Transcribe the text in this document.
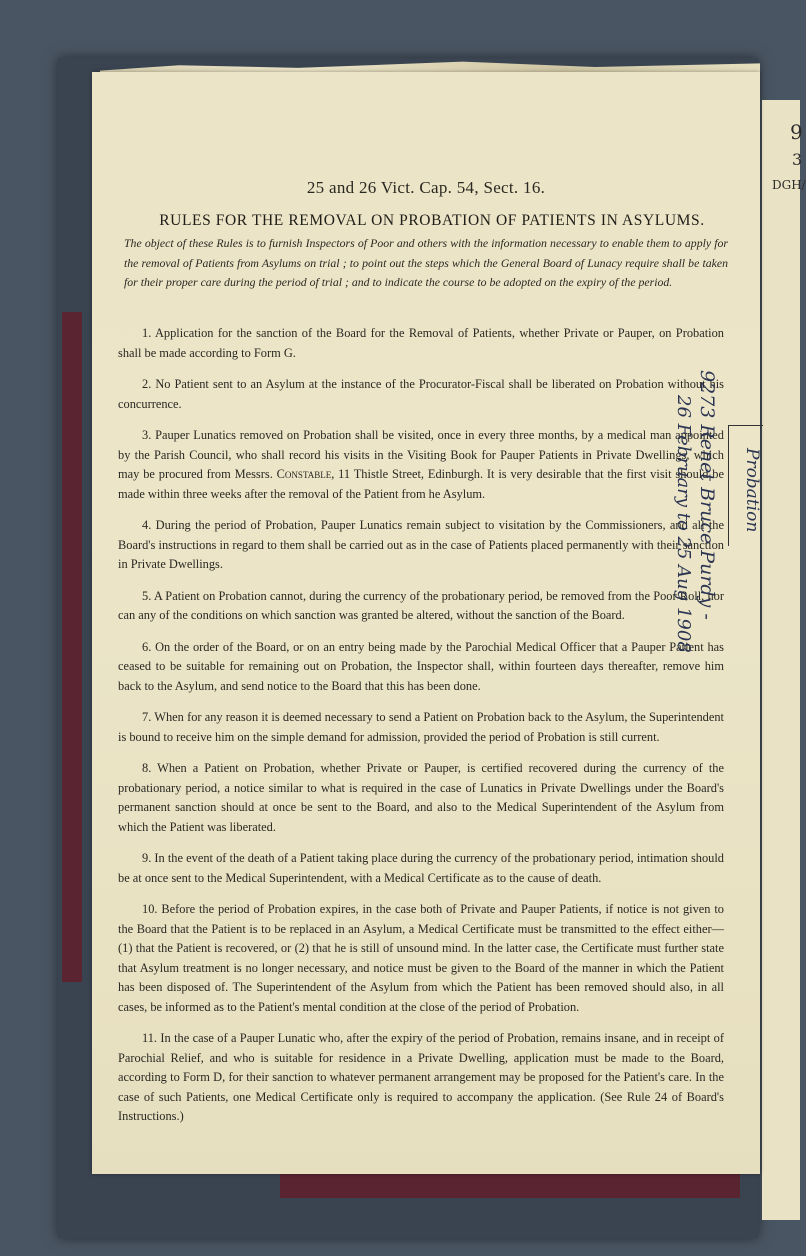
9
3
DGH/
25 and 26 Vict. Cap. 54, Sect. 16.
RULES FOR THE REMOVAL ON PROBATION OF PATIENTS IN ASYLUMS.
The object of these Rules is to furnish Inspectors of Poor and others with the information necessary to enable them to apply for the removal of Patients from Asylums on trial ; to point out the steps which the General Board of Lunacy require shall be taken for their proper care during the period of trial ; and to indicate the course to be adopted on the expiry of the period.

1. Application for the sanction of the Board for the Removal of Patients, whether Private or Pauper, on Probation shall be made according to Form G.

2. No Patient sent to an Asylum at the instance of the Procurator-Fiscal shall be liberated on Probation without his concurrence.

3. Pauper Lunatics removed on Probation shall be visited, once in every three months, by a medical man appointed by the Parish Council, who shall record his visits in the Visiting Book for Pauper Patients in Private Dwellings, which may be procured from Messrs. Constable, 11 Thistle Street, Edinburgh. It is very desirable that the first visit should be made within three weeks after the removal of the Patient from he Asylum.

4. During the period of Probation, Pauper Lunatics remain subject to visitation by the Commissioners, and all the Board's instructions in regard to them shall be carried out as in the case of Patients placed permanently with their sanction in Private Dwellings.

5. A Patient on Probation cannot, during the currency of the probationary period, be removed from the Poor Roll, nor can any of the conditions on which sanction was granted be altered, without the sanction of the Board.

6. On the order of the Board, or on an entry being made by the Parochial Medical Officer that a Pauper Patient has ceased to be suitable for remaining out on Probation, the Inspector shall, within fourteen days thereafter, remove him back to the Asylum, and send notice to the Board that this has been done.

7. When for any reason it is deemed necessary to send a Patient on Probation back to the Asylum, the Superintendent is bound to receive him on the simple demand for admission, provided the period of Probation is still current.

8. When a Patient on Probation, whether Private or Pauper, is certified recovered during the currency of the probationary period, a notice similar to what is required in the case of Lunatics in Private Dwellings under the Board's permanent sanction should at once be sent to the Board, and also to the Medical Superintendent of the Asylum from which the Patient was liberated.

9. In the event of the death of a Patient taking place during the currency of the probationary period, intimation should be at once sent to the Medical Superintendent, with a Medical Certificate as to the cause of death.

10. Before the period of Probation expires, in the case both of Private and Pauper Patients, if notice is not given to the Board that the Patient is to be replaced in an Asylum, a Medical Certificate must be transmitted to the effect either—(1) that the Patient is recovered, or (2) that he is still of unsound mind. In the latter case, the Certificate must further state that Asylum treatment is no longer necessary, and notice must be given to the Board of the manner in which the Patient has been disposed of. The Superintendent of the Asylum from which the Patient has been removed should also, in all cases, be informed as to the Patient's mental condition at the close of the period of Probation.

11. In the case of a Pauper Lunatic who, after the expiry of the period of Probation, remains insane, and in receipt of Parochial Relief, and who is suitable for residence in a Private Dwelling, application must be made to the Board, according to Form D, for their sanction to whatever permanent arrangement may be proposed for the Patient's care. In the case of such Patients, one Medical Certificate only is required to accompany the application. (See Rule 24 of Board's Instructions.)

9273 Renet Bruce Purdy -
26 February to 25 Aug 1908	Probation
